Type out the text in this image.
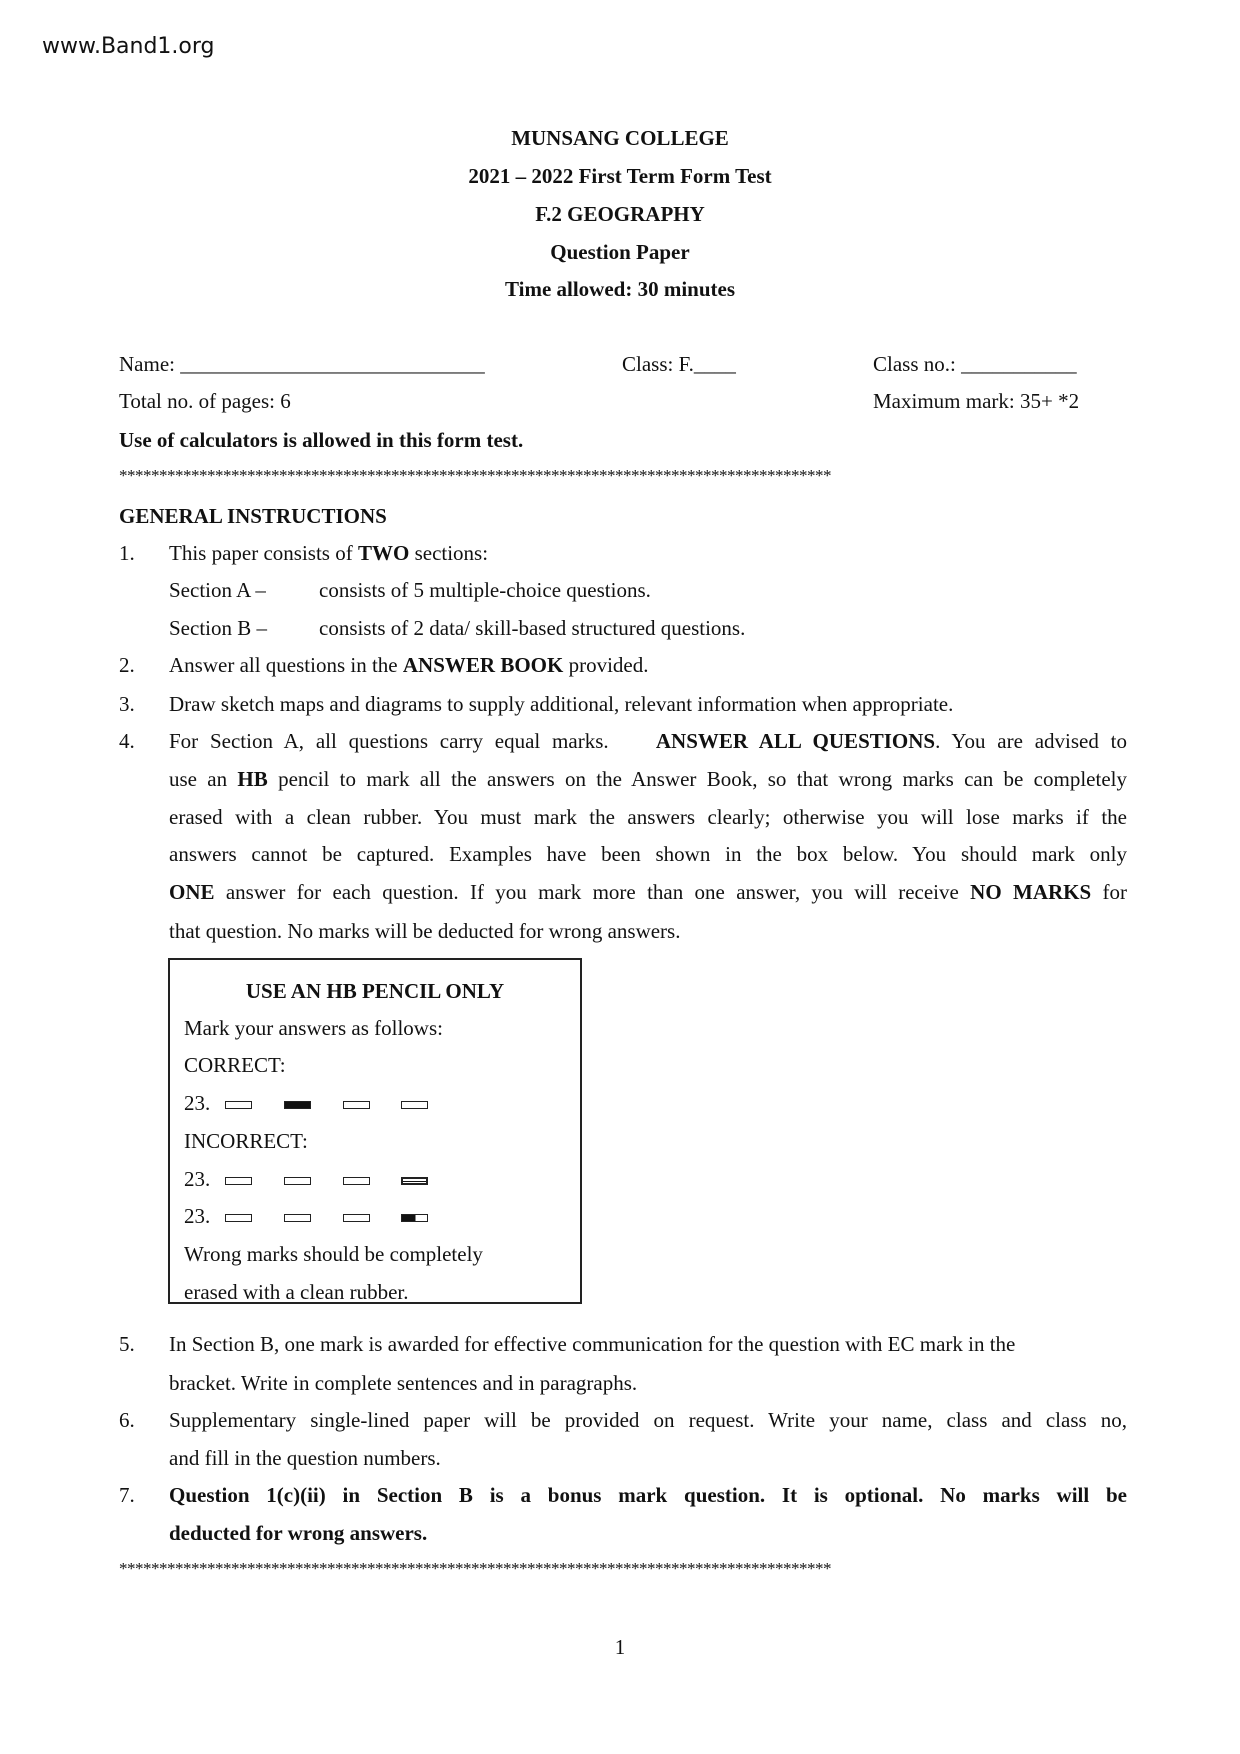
www.Band1.org
MUNSANG COLLEGE
2021 – 2022 First Term Form Test
F.2 GEOGRAPHY
Question Paper
Time allowed: 30 minutes
Name: _____________________________	Class: F.____	Class no.: ___________
Total no. of pages: 6	Maximum mark: 35+ *2
Use of calculators is allowed in this form test.
*****************************************************************************************
GENERAL INSTRUCTIONS
1. This paper consists of TWO sections:
Section A –	consists of 5 multiple-choice questions.
Section B – consists of 2 data/ skill-based structured questions.
2. Answer all questions in the ANSWER BOOK provided.
3. Draw sketch maps and diagrams to supply additional, relevant information when appropriate.
4. For Section A, all questions carry equal marks. ANSWER ALL QUESTIONS. You are advised to
use an HB pencil to mark all the answers on the Answer Book, so that wrong marks can be completely
erased with a clean rubber. You must mark the answers clearly; otherwise you will lose marks if the
answers cannot be captured. Examples have been shown in the box below. You should mark only
ONE answer for each question. If you mark more than one answer, you will receive NO MARKS for
that question. No marks will be deducted for wrong answers.
USE AN HB PENCIL ONLY
Mark your answers as follows:
CORRECT:
23.
INCORRECT:
23.
23.
Wrong marks should be completely
erased with a clean rubber.
5. In Section B, one mark is awarded for effective communication for the question with EC mark in the
bracket. Write in complete sentences and in paragraphs.
6. Supplementary single-lined paper will be provided on request. Write your name, class and class no,
and fill in the question numbers.
7. Question 1(c)(ii) in Section B is a bonus mark question. It is optional. No marks will be
deducted for wrong answers.
*****************************************************************************************
1
